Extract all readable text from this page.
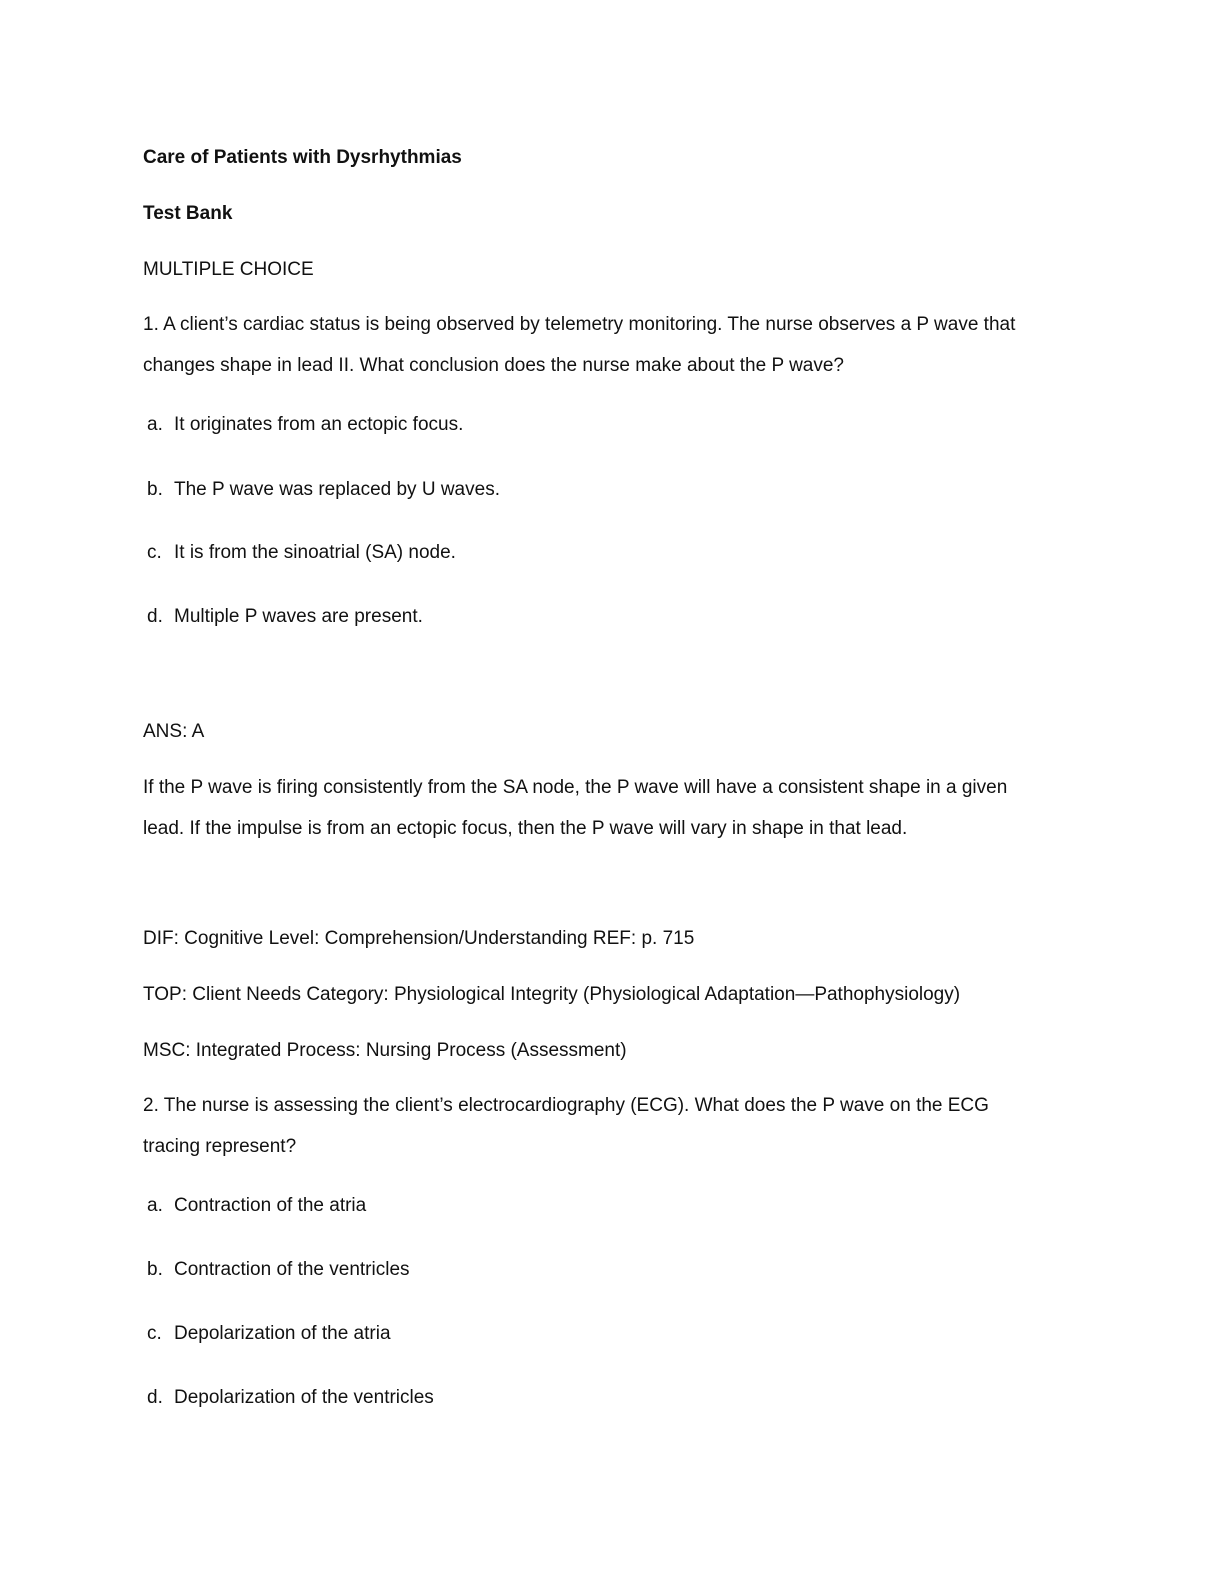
Care of Patients with Dysrhythmias
Test Bank
MULTIPLE CHOICE
1. A client’s cardiac status is being observed by telemetry monitoring. The nurse observes a P wave that
changes shape in lead II. What conclusion does the nurse make about the P wave?
a. It originates from an ectopic focus.
b. The P wave was replaced by U waves.
c. It is from the sinoatrial (SA) node.
d. Multiple P waves are present.
ANS: A
If the P wave is firing consistently from the SA node, the P wave will have a consistent shape in a given
lead. If the impulse is from an ectopic focus, then the P wave will vary in shape in that lead.
DIF: Cognitive Level: Comprehension/Understanding REF: p. 715
TOP: Client Needs Category: Physiological Integrity (Physiological Adaptation—Pathophysiology)
MSC: Integrated Process: Nursing Process (Assessment)
2. The nurse is assessing the client’s electrocardiography (ECG). What does the P wave on the ECG
tracing represent?
a. Contraction of the atria
b. Contraction of the ventricles
c. Depolarization of the atria
d. Depolarization of the ventricles
